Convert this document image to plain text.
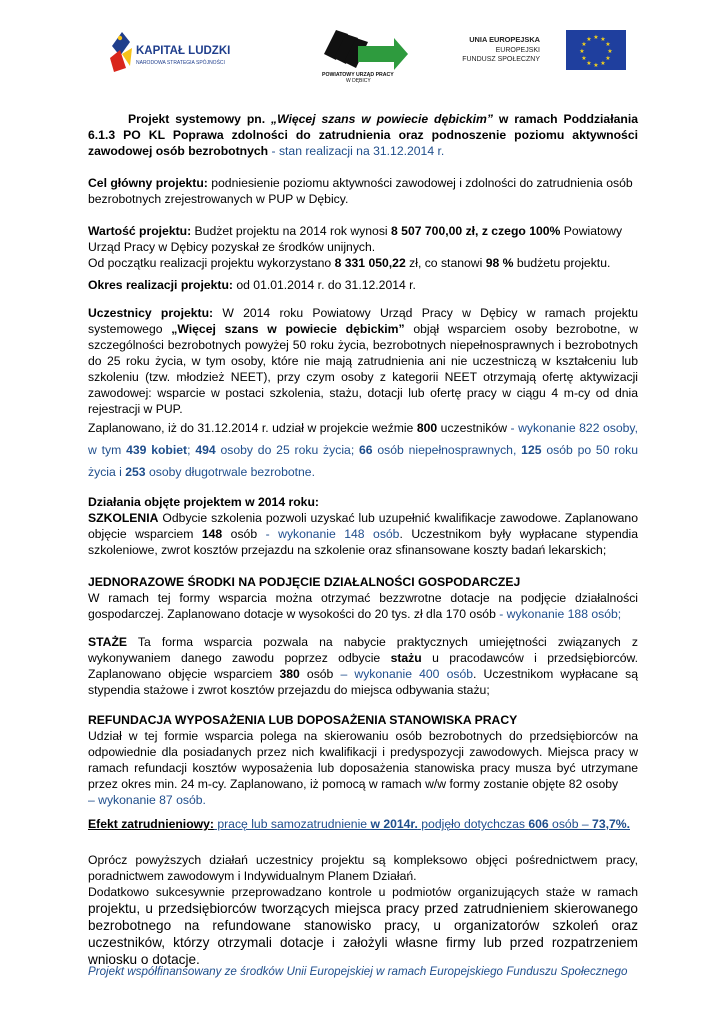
KAPITAŁ LUDZKI
NARODOWA STRATEGIA SPÓJNOŚCI
POWIATOWY URZĄD PRACY
W DĘBICY
UNIA EUROPEJSKA
EUROPEJSKI
FUNDUSZ SPOŁECZNY
★ ★
★
★
★
★
★
★
★
★
★
★
Projekt systemowy pn. „Więcej szans w powiecie dębickim” w ramach Poddziałania 6.1.3 PO KL Poprawa zdolności do zatrudnienia oraz podnoszenie poziomu aktywności zawodowej osób bezrobotnych - stan realizacji na 31.12.2014 r.
Cel główny projektu: podniesienie poziomu aktywności zawodowej i zdolności do zatrudnienia osób bezrobotnych zrejestrowanych w PUP w Dębicy.

Wartość projektu: Budżet projektu na 2014 rok wynosi 8 507 700,00 zł, z czego 100% Powiatowy Urząd Pracy w Dębicy pozyskał ze środków unijnych.

Od początku realizacji projektu wykorzystano 8 331 050,22 zł, co stanowi 98 % budżetu projektu.

Okres realizacji projektu: od 01.01.2014 r. do 31.12.2014 r.

Uczestnicy projektu: W 2014 roku Powiatowy Urząd Pracy w Dębicy w ramach projektu systemowego „Więcej szans w powiecie dębickim” objął wsparciem osoby bezrobotne, w szczególności bezrobotnych powyżej 50 roku życia, bezrobotnych niepełnosprawnych i bezrobotnych do 25 roku życia, w tym osoby, które nie mają zatrudnienia ani nie uczestniczą w kształceniu lub szkoleniu (tzw. młodzież NEET), przy czym osoby z kategorii NEET otrzymają ofertę aktywizacji zawodowej: wsparcie w postaci szkolenia, stażu, dotacji lub ofertę pracy w ciągu 4 m-cy od dnia rejestracji w PUP.

Zaplanowano, iż do 31.12.2014 r. udział w projekcie weźmie 800 uczestników - wykonanie 822 osoby, w tym 439 kobiet; 494 osoby do 25 roku życia; 66 osób niepełnosprawnych, 125 osób po 50 roku życia i 253 osoby długotrwale bezrobotne.

Działania objęte projektem w 2014 roku:

SZKOLENIA Odbycie szkolenia pozwoli uzyskać lub uzupełnić kwalifikacje zawodowe. Zaplanowano objęcie wsparciem 148 osób - wykonanie 148 osób. Uczestnikom były wypłacane stypendia szkoleniowe, zwrot kosztów przejazdu na szkolenie oraz sfinansowane koszty badań lekarskich;

JEDNORAZOWE ŚRODKI NA PODJĘCIE DZIAŁALNOŚCI GOSPODARCZEJ

W ramach tej formy wsparcia można otrzymać bezzwrotne dotacje na podjęcie działalności gospodarczej. Zaplanowano dotacje w wysokości do 20 tys. zł dla 170 osób - wykonanie 188 osób;

STAŻE Ta forma wsparcia pozwala na nabycie praktycznych umiejętności związanych z wykonywaniem danego zawodu poprzez odbycie stażu u pracodawców i przedsiębiorców. Zaplanowano objęcie wsparciem 380 osób – wykonanie 400 osób. Uczestnikom wypłacane są stypendia stażowe i zwrot kosztów przejazdu do miejsca odbywania stażu;

REFUNDACJA WYPOSAŻENIA LUB DOPOSAŻENIA STANOWISKA PRACY

Udział w tej formie wsparcia polega na skierowaniu osób bezrobotnych do przedsiębiorców na odpowiednie dla posiadanych przez nich kwalifikacji i predyspozycji zawodowych. Miejsca pracy w ramach refundacji kosztów wyposażenia lub doposażenia stanowiska pracy musza być utrzymane przez okres min. 24 m-cy. Zaplanowano, iż pomocą w ramach w/w formy zostanie objęte 82 osoby

– wykonanie 87 osób.

Efekt zatrudnieniowy: pracę lub samozatrudnienie w 2014r. podjęło dotychczas 606 osób – 73,7%.

Oprócz powyższych działań uczestnicy projektu są kompleksowo objęci pośrednictwem pracy, poradnictwem zawodowym i Indywidualnym Planem Działań.

Dodatkowo sukcesywnie przeprowadzano kontrole u podmiotów organizujących staże w ramach projektu, u przedsiębiorców tworzących miejsca pracy przed zatrudnieniem skierowanego bezrobotnego na refundowane stanowisko pracy, u organizatorów szkoleń oraz uczestników, którzy otrzymali dotacje i założyli własne firmy lub przed rozpatrzeniem wniosku o dotacje.

Projekt współfinansowany ze środków Unii Europejskiej w ramach Europejskiego Funduszu Społecznego
